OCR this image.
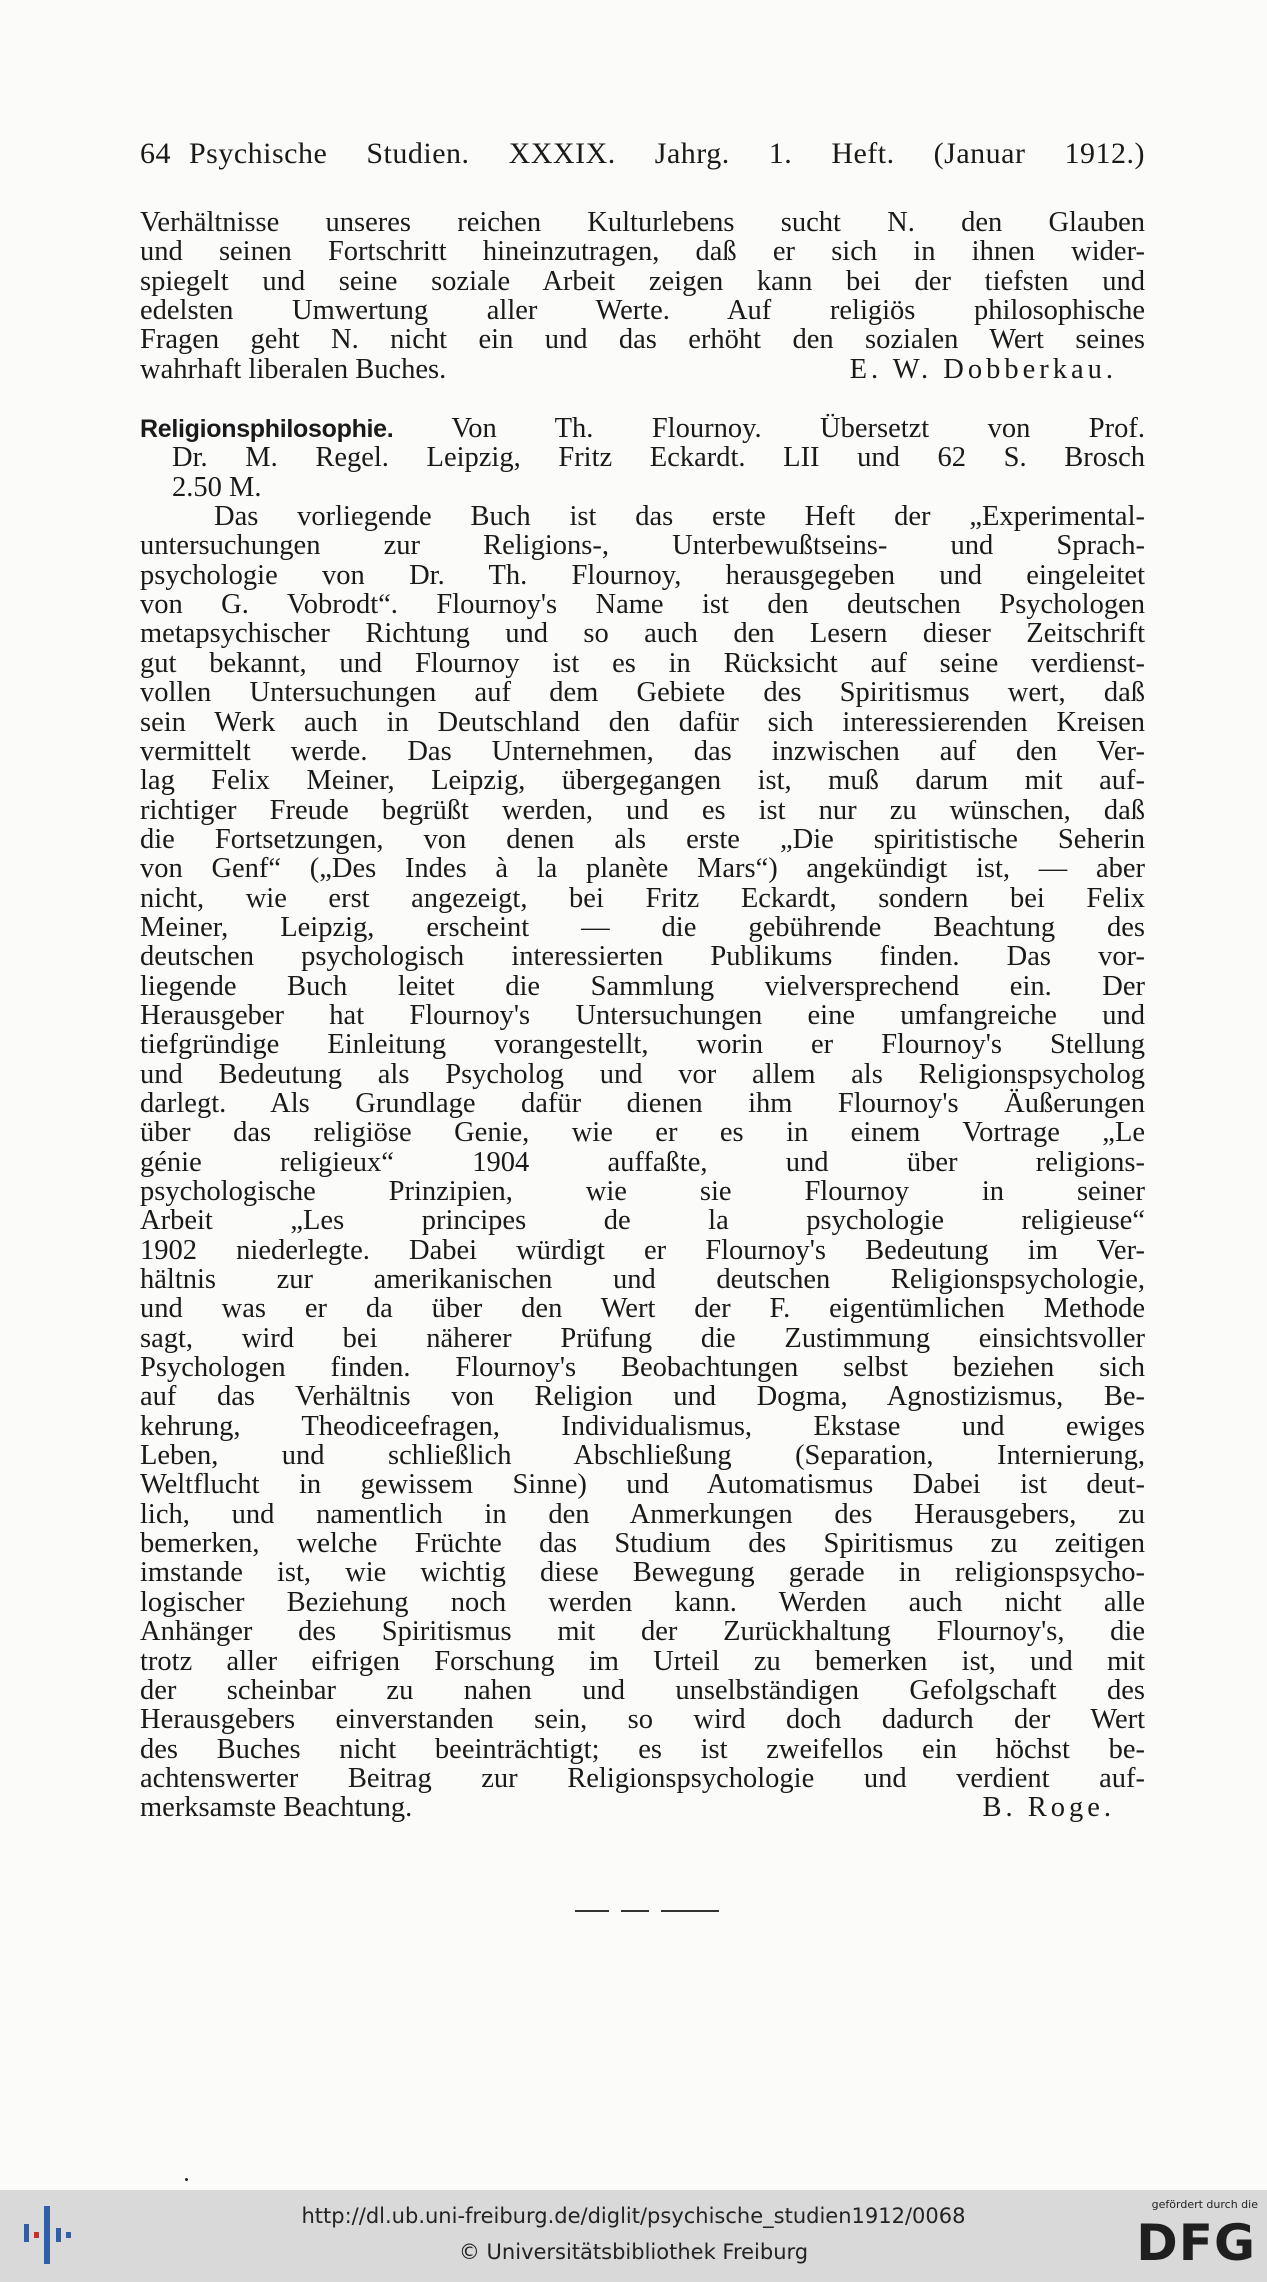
64 Psychische Studien. XXXIX. Jahrg. 1. Heft. (Januar 1912.)
Verhältnisse unseres reichen Kulturlebens sucht N. den Glauben
und seinen Fortschritt hineinzutragen, daß er sich in ihnen wider-
spiegelt und seine soziale Arbeit zeigen kann bei der tiefsten und
edelsten Umwertung aller Werte. Auf religiös philosophische
Fragen geht N. nicht ein und das erhöht den sozialen Wert seines
wahrhaft liberalen Buches.	E. W. Dobberkau.
Religionsphilosophie. Von Th. Flournoy. Übersetzt von Prof.
Dr. M. Regel. Leipzig, Fritz Eckardt. LII und 62 S. Brosch
2.50 M.
Das vorliegende Buch ist das erste Heft der „Experimental-
untersuchungen zur Religions-, Unterbewußtseins- und Sprach-
psychologie von Dr. Th. Flournoy, herausgegeben und eingeleitet
von G. Vobrodt“. Flournoy's Name ist den deutschen Psychologen
metapsychischer Richtung und so auch den Lesern dieser Zeitschrift
gut bekannt, und Flournoy ist es in Rücksicht auf seine verdienst-
vollen Untersuchungen auf dem Gebiete des Spiritismus wert, daß
sein Werk auch in Deutschland den dafür sich interessierenden Kreisen
vermittelt werde. Das Unternehmen, das inzwischen auf den Ver-
lag Felix Meiner, Leipzig, übergegangen ist, muß darum mit auf-
richtiger Freude begrüßt werden, und es ist nur zu wünschen, daß
die Fortsetzungen, von denen als erste „Die spiritistische Seherin
von Genf“ („Des Indes à la planète Mars“) angekündigt ist, — aber
nicht, wie erst angezeigt, bei Fritz Eckardt, sondern bei Felix
Meiner, Leipzig, erscheint — die gebührende Beachtung des
deutschen psychologisch interessierten Publikums finden. Das vor-
liegende Buch leitet die Sammlung vielversprechend ein. Der
Herausgeber hat Flournoy's Untersuchungen eine umfangreiche und
tiefgründige Einleitung vorangestellt, worin er Flournoy's Stellung
und Bedeutung als Psycholog und vor allem als Religionspsycholog
darlegt. Als Grundlage dafür dienen ihm Flournoy's Äußerungen
über das religiöse Genie, wie er es in einem Vortrage „Le
génie religieux“ 1904 auffaßte, und über religions-
psychologische Prinzipien, wie sie Flournoy in seiner
Arbeit „Les principes de la psychologie religieuse“
1902 niederlegte. Dabei würdigt er Flournoy's Bedeutung im Ver-
hältnis zur amerikanischen und deutschen Religionspsychologie,
und was er da über den Wert der F. eigentümlichen Methode
sagt, wird bei näherer Prüfung die Zustimmung einsichtsvoller
Psychologen finden. Flournoy's Beobachtungen selbst beziehen sich
auf das Verhältnis von Religion und Dogma, Agnostizismus, Be-
kehrung, Theodiceefragen, Individualismus, Ekstase und ewiges
Leben, und schließlich Abschließung (Separation, Internierung,
Weltflucht in gewissem Sinne) und Automatismus Dabei ist deut-
lich, und namentlich in den Anmerkungen des Herausgebers, zu
bemerken, welche Früchte das Studium des Spiritismus zu zeitigen
imstande ist, wie wichtig diese Bewegung gerade in religionspsycho-
logischer Beziehung noch werden kann. Werden auch nicht alle
Anhänger des Spiritismus mit der Zurückhaltung Flournoy's, die
trotz aller eifrigen Forschung im Urteil zu bemerken ist, und mit
der scheinbar zu nahen und unselbständigen Gefolgschaft des
Herausgebers einverstanden sein, so wird doch dadurch der Wert
des Buches nicht beeinträchtigt; es ist zweifellos ein höchst be-
achtenswerter Beitrag zur Religionspsychologie und verdient auf-
merksamste Beachtung.	B. Roge.
http://dl.ub.uni-freiburg.de/diglit/psychische_studien1912/0068
© Universitätsbibliothek Freiburg
gefördert durch die
DFG
